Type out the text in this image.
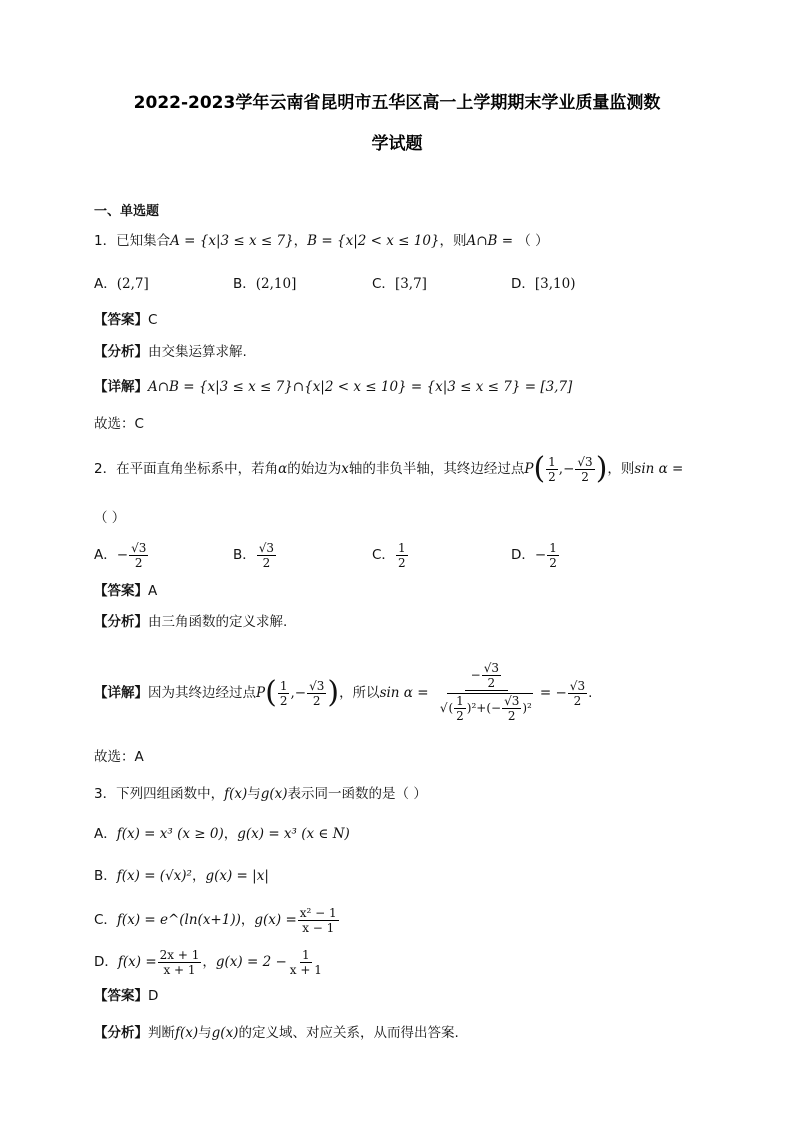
2022-2023学年云南省昆明市五华区高一上学期期末学业质量监测数
学试题
一、单选题
1．已知集合A = {x|3 ≤ x ≤ 7}，B = {x|2 < x ≤ 10}，则A∩B = （ ）
A．(2,7]	B．(2,10]	C．[3,7]	D．[3,10)
【答案】C
【分析】由交集运算求解.
【详解】A∩B = {x|3 ≤ x ≤ 7}∩{x|2 < x ≤ 10} = {x|3 ≤ x ≤ 7} = [3,7]
故选：C
2．在平面直角坐标系中，若角α的始边为x轴的非负半轴，其终边经过点$P( \frac{1}{2}$ ,− $\frac{√3}{2}$ )，则sin α =
（ ）
A．− $\frac{√3}{2}$	B． $\frac{√3}{2}$	C． $\frac{1}{2}$	D．− $\frac{1}{2}$
【答案】A
【分析】由三角函数的定义求解.
【详解】因为其终边经过点$P( \frac{1}{2}$ ,− $\frac{√3}{2}$ )，所以$\sin \alpha = \frac{- \frac{√3}{2}}{√( \frac{1}{2} )^2+(- \frac{√3}{2} )^2}$ = − $\frac{√3}{2}$ .
故选：A
3．下列四组函数中，f(x)与g(x)表示同一函数的是（ ）
A．f(x) = x³ (x ≥ 0)，g(x) = x³ (x ∈ N)
B．f(x) = (√x)²，g(x) = |x|
C．f(x) = e^(ln(x+1))，$g(x) = \frac{\text{x² − 1}}{x - 1}$
D．$f(x) = \frac{2x + 1}{x + 1}$ ，$g(x) = 2 - \frac{1}{x + 1}$
【答案】D
【分析】判断f(x)与g(x)的定义域、对应关系，从而得出答案.
